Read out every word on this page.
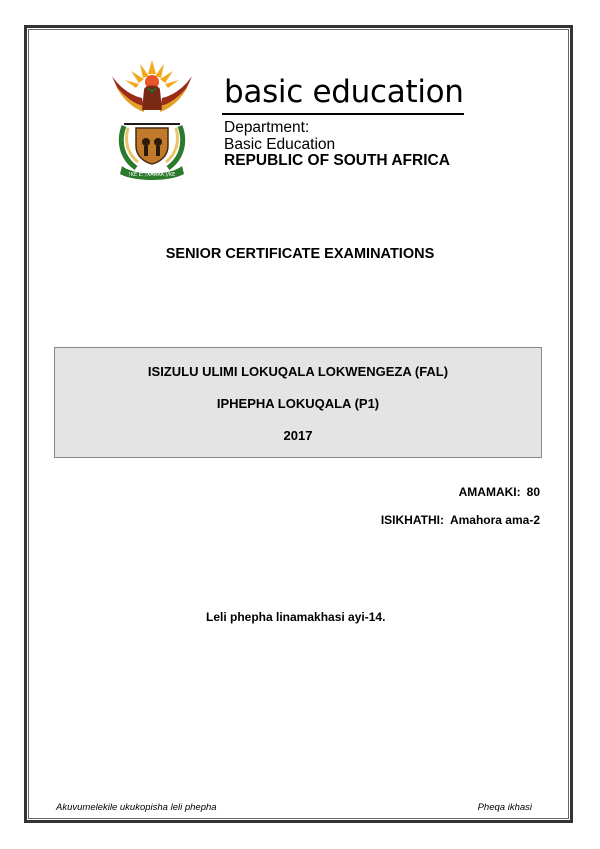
!KE E: /XARRA //KE
basic education
Department:
Basic Education
REPUBLIC OF SOUTH AFRICA
SENIOR CERTIFICATE EXAMINATIONS
ISIZULU ULIMI LOKUQALA LOKWENGEZA (FAL)
IPHEPHA LOKUQALA (P1)
2017
AMAMAKI: 80
ISIKHATHI: Amahora ama-2
Leli phepha linamakhasi ayi-14.
Akuvumelekile ukukopisha leli phepha	Pheqa ikhasi
